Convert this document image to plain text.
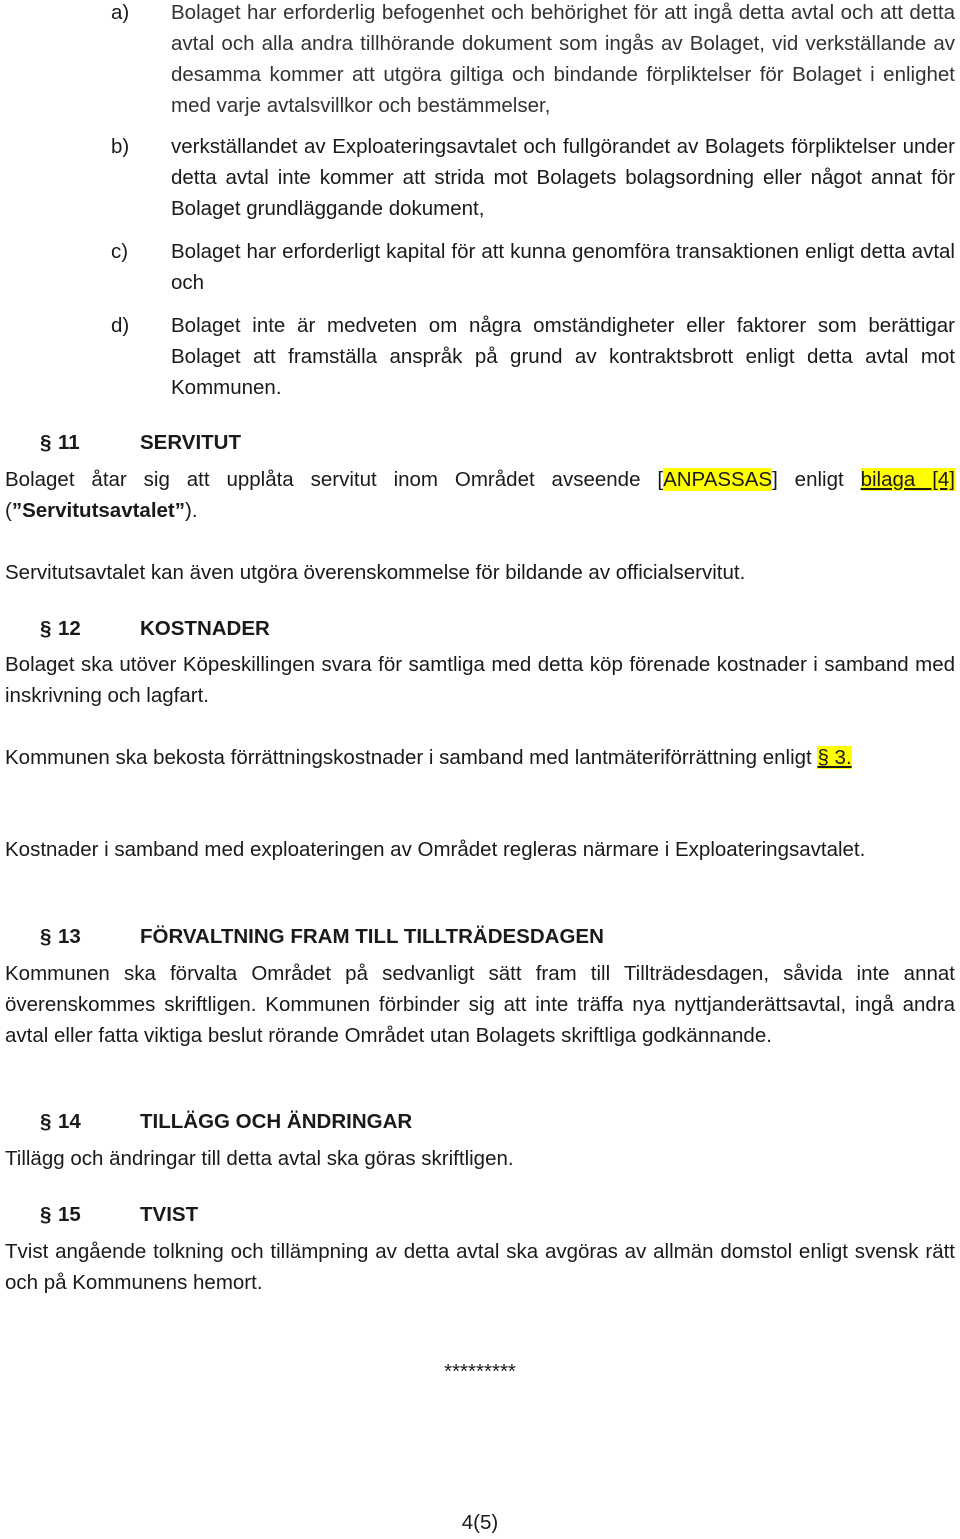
a) Bolaget har erforderlig befogenhet och behörighet för att ingå detta avtal och att detta avtal och alla andra tillhörande dokument som ingås av Bolaget, vid verkställande av desamma kommer att utgöra giltiga och bindande förpliktelser för Bolaget i enlighet med varje avtalsvillkor och bestämmelser,

b) verkställandet av Exploateringsavtalet och fullgörandet av Bolagets förpliktelser under detta avtal inte kommer att strida mot Bolagets bolagsordning eller något annat för Bolaget grundläggande dokument,

c) Bolaget har erforderligt kapital för att kunna genomföra transaktionen enligt detta avtal och

d) Bolaget inte är medveten om några omständigheter eller faktorer som berättigar Bolaget att framställa anspråk på grund av kontraktsbrott enligt detta avtal mot Kommunen.

§ 11	SERVITUT

Bolaget åtar sig att upplåta servitut inom Området avseende [ANPASSAS] enligt bilaga [4] (”Servitutsavtalet”).

Servitutsavtalet kan även utgöra överenskommelse för bildande av officialservitut.

§ 12	KOSTNADER

Bolaget ska utöver Köpeskillingen svara för samtliga med detta köp förenade kostnader i samband med inskrivning och lagfart.

Kommunen ska bekosta förrättningskostnader i samband med lantmäteriförrättning enligt § 3.

Kostnader i samband med exploateringen av Området regleras närmare i Exploateringsavtalet.

§ 13	FÖRVALTNING FRAM TILL TILLTRÄDESDAGEN

Kommunen ska förvalta Området på sedvanligt sätt fram till Tillträdesdagen, såvida inte annat överenskommes skriftligen. Kommunen förbinder sig att inte träffa nya nyttjanderättsavtal, ingå andra avtal eller fatta viktiga beslut rörande Området utan Bolagets skriftliga godkännande.

§ 14	TILLÄGG OCH ÄNDRINGAR

Tillägg och ändringar till detta avtal ska göras skriftligen.

§ 15	TVIST

Tvist angående tolkning och tillämpning av detta avtal ska avgöras av allmän domstol enligt svensk rätt och på Kommunens hemort.

*********
4(5)
